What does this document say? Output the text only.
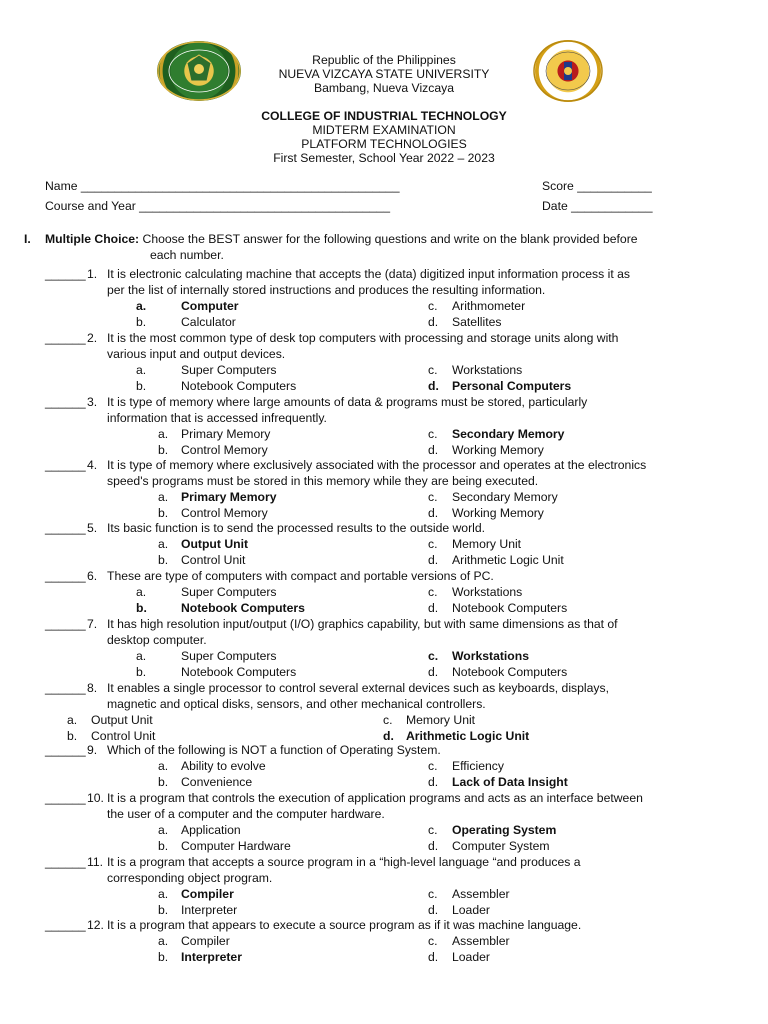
Republic of the Philippines
NUEVA VIZCAYA STATE UNIVERSITY
Bambang, Nueva Vizcaya
COLLEGE OF INDUSTRIAL TECHNOLOGY
MIDTERM EXAMINATION
PLATFORM TECHNOLOGIES
First Semester, School Year 2022 – 2023
Name _______________________________________________	Score ___________
Course and Year _____________________________________	Date ____________
I. Multiple Choice: Choose the BEST answer for the following questions and write on the blank provided before
each number.
______ 1. It is electronic calculating machine that accepts the (data) digitized input information process it as
per the list of internally stored instructions and produces the resulting information.
a.	Computer	c. Arithmometer
b.	Calculator	d. Satellites
______ 2. It is the most common type of desk top computers with processing and storage units along with
various input and output devices.
a.	Super Computers	c. Workstations
b.	Notebook Computers	d. Personal Computers
______ 3. It is type of memory where large amounts of data & programs must be stored, particularly
information that is accessed infrequently.
a. Primary Memory	c. Secondary Memory
b. Control Memory	d. Working Memory
______ 4. It is type of memory where exclusively associated with the processor and operates at the electronics
speed's programs must be stored in this memory while they are being executed.
a. Primary Memory	c. Secondary Memory
b. Control Memory	d. Working Memory
______ 5. Its basic function is to send the processed results to the outside world.
a. Output Unit	c. Memory Unit
b. Control Unit	d. Arithmetic Logic Unit
______ 6. These are type of computers with compact and portable versions of PC.
a.	Super Computers	c. Workstations
b.	Notebook Computers	d. Notebook Computers
______ 7. It has high resolution input/output (I/O) graphics capability, but with same dimensions as that of
desktop computer.
a.	Super Computers	c. Workstations
b.	Notebook Computers	d. Notebook Computers
______ 8. It enables a single processor to control several external devices such as keyboards, displays,
magnetic and optical disks, sensors, and other mechanical controllers.
a. Output Unit	c. Memory Unit
b. Control Unit	d. Arithmetic Logic Unit
______ 9. Which of the following is NOT a function of Operating System.
a. Ability to evolve	c. Efficiency
b. Convenience	d. Lack of Data Insight
______ 10. It is a program that controls the execution of application programs and acts as an interface between
the user of a computer and the computer hardware.
a. Application	c. Operating System
b. Computer Hardware	d. Computer System
______ 11. It is a program that accepts a source program in a “high-level language “and produces a
corresponding object program.
a. Compiler	c. Assembler
b. Interpreter	d. Loader
______ 12. It is a program that appears to execute a source program as if it was machine language.
a. Compiler	c. Assembler
b. Interpreter	d. Loader
